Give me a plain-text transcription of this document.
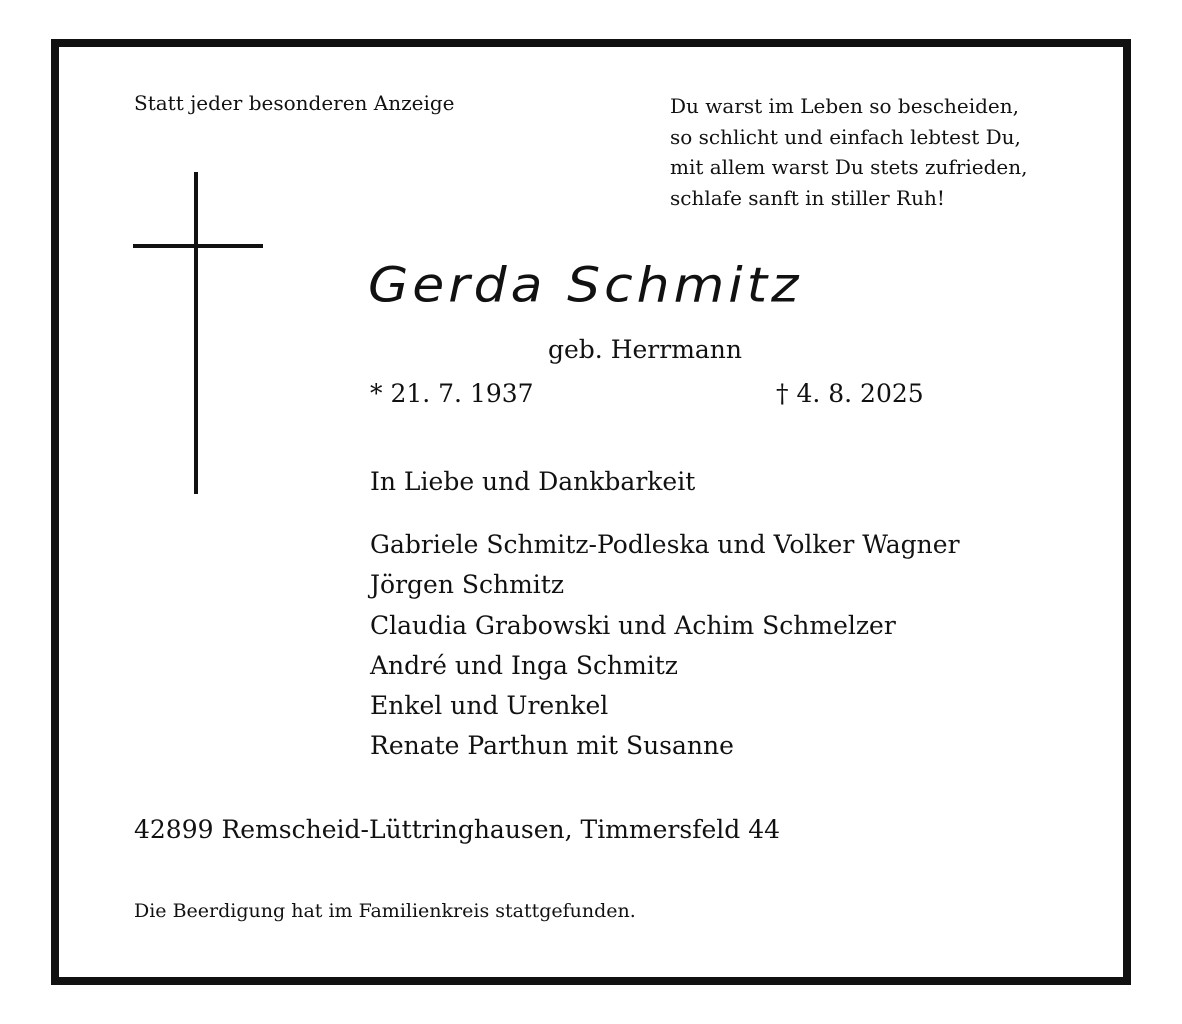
Statt jeder besonderen Anzeige	Du warst im Leben so bescheiden,
so schlicht und einfach lebtest Du,
mit allem warst Du stets zufrieden,
schlafe sanft in stiller Ruh!
Gerda Schmitz
geb. Herrmann
* 21. 7. 1937	† 4. 8. 2025
In Liebe und Dankbarkeit
Gabriele Schmitz-Podleska und Volker Wagner
Jörgen Schmitz
Claudia Grabowski und Achim Schmelzer
André und Inga Schmitz
Enkel und Urenkel
Renate Parthun mit Susanne
42899 Remscheid-Lüttringhausen, Timmersfeld 44
Die Beerdigung hat im Familienkreis stattgefunden.
